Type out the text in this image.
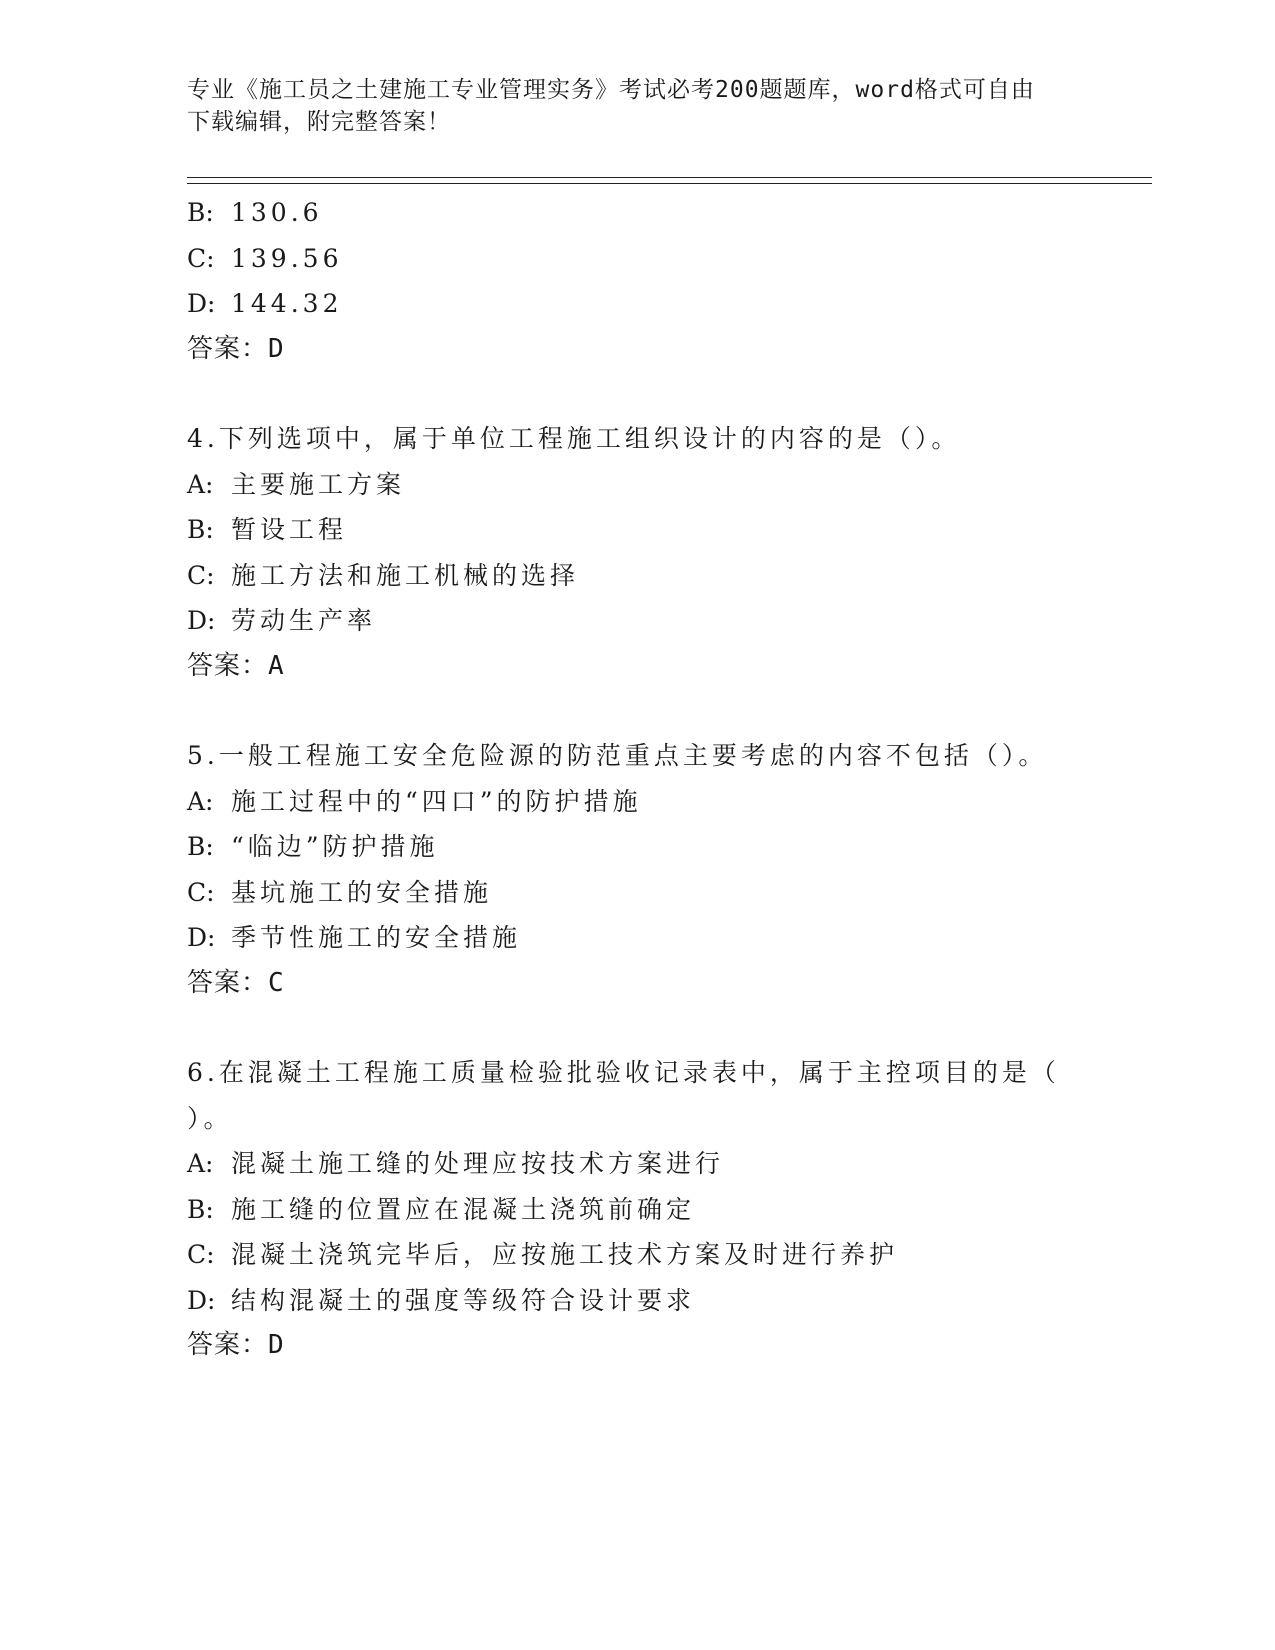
专业《施工员之土建施工专业管理实务》考试必考200题题库，word格式可自由
下载编辑，附完整答案！
B: 130.6
C: 139.56
D: 144.32
答案：D
4.下列选项中，属于单位工程施工组织设计的内容的是（）。
A: 主要施工方案
B: 暂设工程
C: 施工方法和施工机械的选择
D: 劳动生产率
答案：A
5.一般工程施工安全危险源的防范重点主要考虑的内容不包括（）。
A: 施工过程中的“四口”的防护措施
B: “临边”防护措施
C: 基坑施工的安全措施
D: 季节性施工的安全措施
答案：C
6.在混凝土工程施工质量检验批验收记录表中，属于主控项目的是（
）。
A: 混凝土施工缝的处理应按技术方案进行
B: 施工缝的位置应在混凝土浇筑前确定
C: 混凝土浇筑完毕后，应按施工技术方案及时进行养护
D: 结构混凝土的强度等级符合设计要求
答案：D
